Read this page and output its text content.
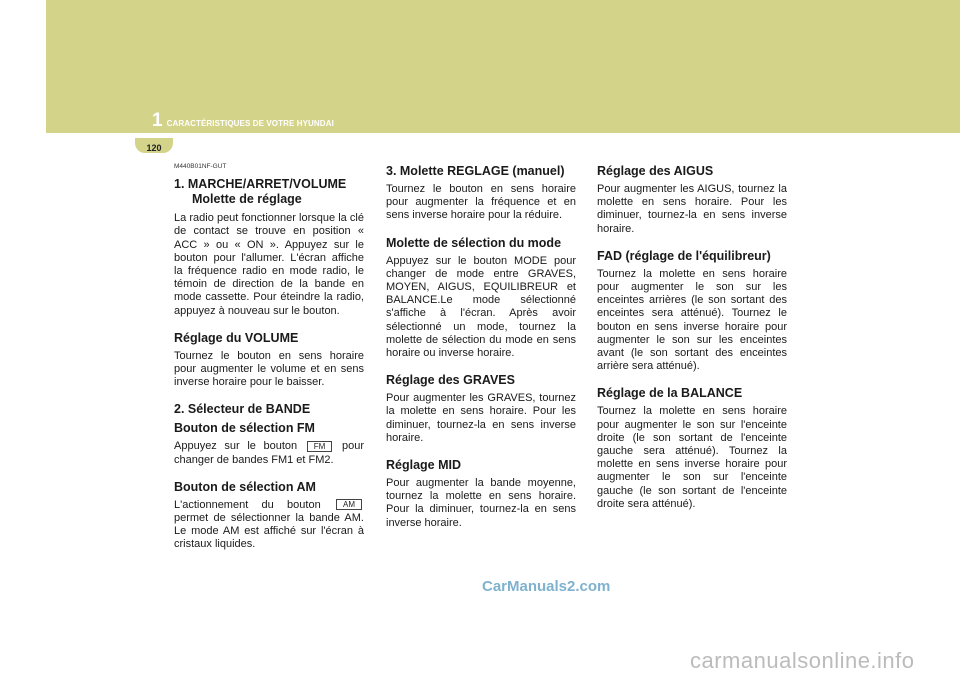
1 CARACTÉRISTIQUES DE VOTRE HYUNDAI
120
M440B01NF-GUT
1. MARCHE/ARRET/VOLUME
Molette de réglage

La radio peut fonctionner lorsque la clé de contact se trouve en position « ACC » ou « ON ». Appuyez sur le bouton pour l'allumer. L'écran affiche la fréquence radio en mode radio, le témoin de direction de la bande en mode cassette. Pour éteindre la radio, appuyez à nouveau sur le bouton.

Réglage du VOLUME

Tournez le bouton en sens horaire pour augmenter le volume et en sens inverse horaire pour le baisser.

2. Sélecteur de BANDE
Bouton de sélection FM

Appuyez sur le bouton FM pour changer de bandes FM1 et FM2.

Bouton de sélection AM

L'actionnement du bouton	AM permet de sélectionner la bande AM. Le mode AM est affiché sur l'écran à cristaux liquides.

3. Molette REGLAGE (manuel)

Tournez le bouton en sens horaire pour augmenter la fréquence et en sens inverse horaire pour la réduire.

Molette de sélection du mode

Appuyez sur le bouton MODE pour changer de mode entre GRAVES, MOYEN, AIGUS, EQUILIBREUR et BALANCE.Le mode sélectionné s'affiche à l'écran. Après avoir sélectionné un mode, tournez la molette de sélection du mode en sens horaire ou inverse horaire.

Réglage des GRAVES

Pour augmenter les GRAVES, tournez la molette en sens horaire. Pour les diminuer, tournez-la en sens inverse horaire.

Réglage MID

Pour augmenter la bande moyenne, tournez la molette en sens horaire. Pour la diminuer, tournez-la en sens inverse horaire.

Réglage des AIGUS

Pour augmenter les AIGUS, tournez la molette en sens horaire. Pour les diminuer, tournez-la en sens inverse horaire.

FAD (réglage de l'équilibreur)

Tournez la molette en sens horaire pour augmenter le son sur les enceintes arrières (le son sortant des enceintes sera atténué). Tournez le bouton en sens inverse horaire pour augmenter le son sur les enceintes avant (le son sortant des enceintes arrière sera atténué).

Réglage de la BALANCE

Tournez la molette en sens horaire pour augmenter le son sur l'enceinte droite (le son sortant de l'enceinte gauche sera atténué). Tournez la molette en sens inverse horaire pour augmenter le son sur l'enceinte gauche (le son sortant de l'enceinte droite sera atténué).

CarManuals2.com
carmanualsonline.info
